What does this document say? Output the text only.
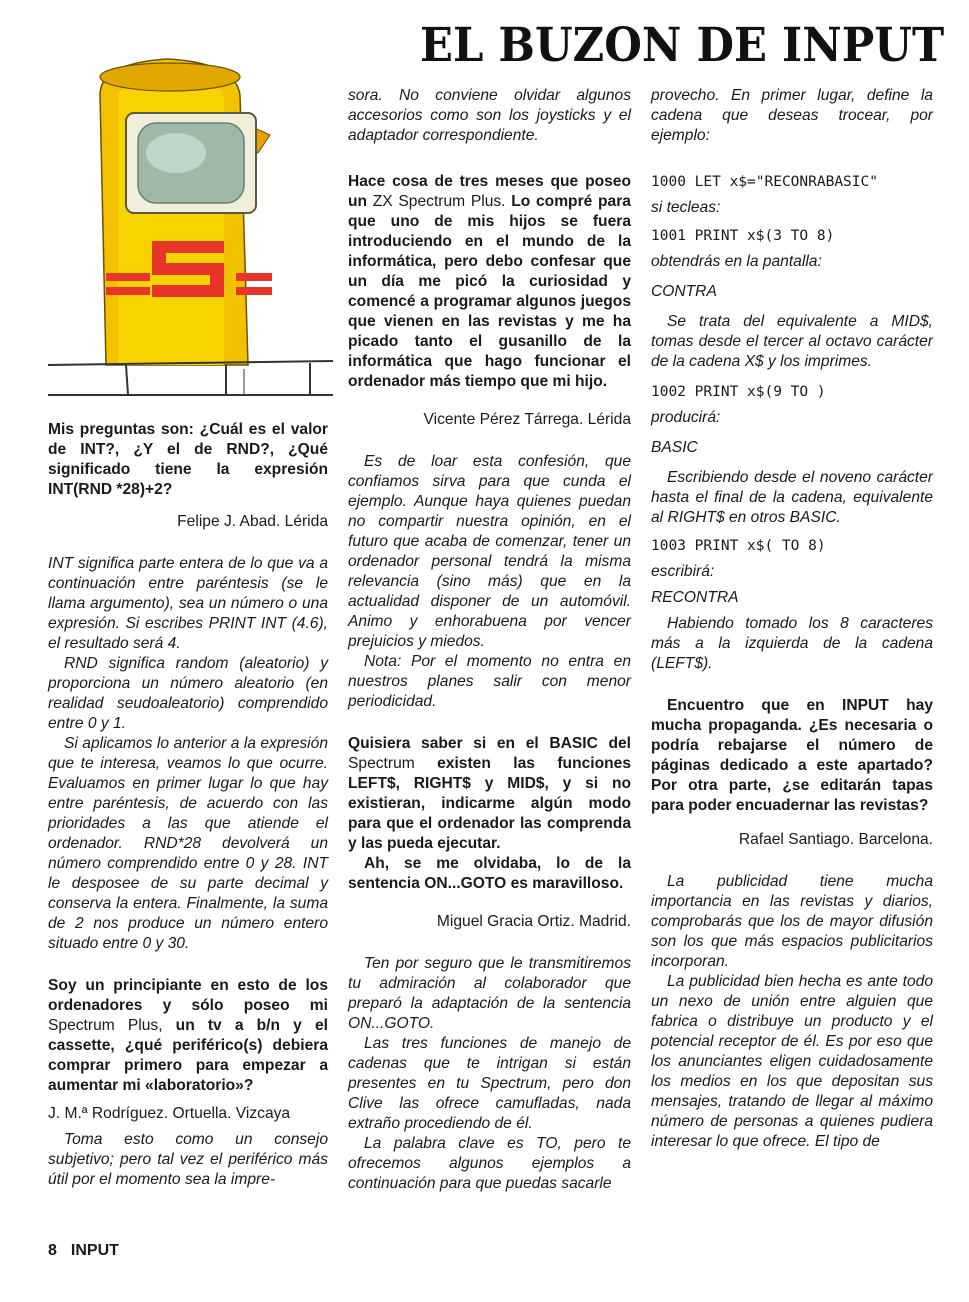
EL BUZON DE INPUT

Mis preguntas son: ¿Cuál es el valor de INT?, ¿Y el de RND?, ¿Qué significado tiene la expresión INT(RND *28)+2?

Felipe J. Abad. Lérida

INT significa parte entera de lo que va a continuación entre paréntesis (se le llama argumento), sea un número o una expresión. Si escribes PRINT INT (4.6), el resultado será 4.

RND significa random (aleatorio) y proporciona un número aleatorio (en realidad seudoaleatorio) comprendido entre 0 y 1.

Si aplicamos lo anterior a la expresión que te interesa, veamos lo que ocurre. Evaluamos en primer lugar lo que hay entre paréntesis, de acuerdo con las prioridades a las que atiende el ordenador. RND*28 devolverá un número comprendido entre 0 y 28. INT le desposee de su parte decimal y conserva la entera. Finalmente, la suma de 2 nos produce un número entero situado entre 0 y 30.

Soy un principiante en esto de los ordenadores y sólo poseo mi Spectrum Plus, un tv a b/n y el cassette, ¿qué periférico(s) debiera comprar primero para empezar a aumentar mi «laboratorio»?

J. M.ª Rodríguez. Ortuella. Vizcaya

Toma esto como un consejo subjetivo; pero tal vez el periférico más útil por el momento sea la impre-

sora. No conviene olvidar algunos accesorios como son los joysticks y el adaptador correspondiente.

Hace cosa de tres meses que poseo un ZX Spectrum Plus. Lo compré para que uno de mis hijos se fuera introduciendo en el mundo de la informática, pero debo confesar que un día me picó la curiosidad y comencé a programar algunos juegos que vienen en las revistas y me ha picado tanto el gusanillo de la informática que hago funcionar el ordenador más tiempo que mi hijo.

Vicente Pérez Tárrega. Lérida

Es de loar esta confesión, que confiamos sirva para que cunda el ejemplo. Aunque haya quienes puedan no compartir nuestra opinión, en el futuro que acaba de comenzar, tener un ordenador personal tendrá la misma relevancia (sino más) que en la actualidad disponer de un automóvil. Animo y enhorabuena por vencer prejuicios y miedos.

Nota: Por el momento no entra en nuestros planes salir con menor periodicidad.

Quisiera saber si en el BASIC del Spectrum existen las funciones LEFT$, RIGHT$ y MID$, y si no existieran, indicarme algún modo para que el ordenador las comprenda y las pueda ejecutar.

Ah, se me olvidaba, lo de la sentencia ON...GOTO es maravilloso.

Miguel Gracia Ortiz. Madrid.

Ten por seguro que le transmitiremos tu admiración al colaborador que preparó la adaptación de la sentencia ON...GOTO.

Las tres funciones de manejo de cadenas que te intrigan si están presentes en tu Spectrum, pero don Clive las ofrece camufladas, nada extraño procediendo de él.

La palabra clave es TO, pero te ofrecemos algunos ejemplos a continuación para que puedas sacarle

provecho. En primer lugar, define la cadena que deseas trocear, por ejemplo:

1000 LET x$="RECONRABASIC"

si tecleas:

1001 PRINT x$(3 TO 8)

obtendrás en la pantalla:

CONTRA

Se trata del equivalente a MID$, tomas desde el tercer al octavo carácter de la cadena X$ y los imprimes.

1002 PRINT x$(9 TO )

producirá:

BASIC

Escribiendo desde el noveno carácter hasta el final de la cadena, equivalente al RIGHT$ en otros BASIC.

1003 PRINT x$( TO 8)

escribirá:

RECONTRA

Habiendo tomado los 8 caracteres más a la izquierda de la cadena (LEFT$).

Encuentro que en INPUT hay mucha propaganda. ¿Es necesaria o podría rebajarse el número de páginas dedicado a este apartado? Por otra parte, ¿se editarán tapas para poder encuadernar las revistas?

Rafael Santiago. Barcelona.

La publicidad tiene mucha importancia en las revistas y diarios, comprobarás que los de mayor difusión son los que más espacios publicitarios incorporan.

La publicidad bien hecha es ante todo un nexo de unión entre alguien que fabrica o distribuye un producto y el potencial receptor de él. Es por eso que los anunciantes eligen cuidadosamente los medios en los que depositan sus mensajes, tratando de llegar al máximo número de personas a quienes pudiera interesar lo que ofrece. El tipo de

8 INPUT
